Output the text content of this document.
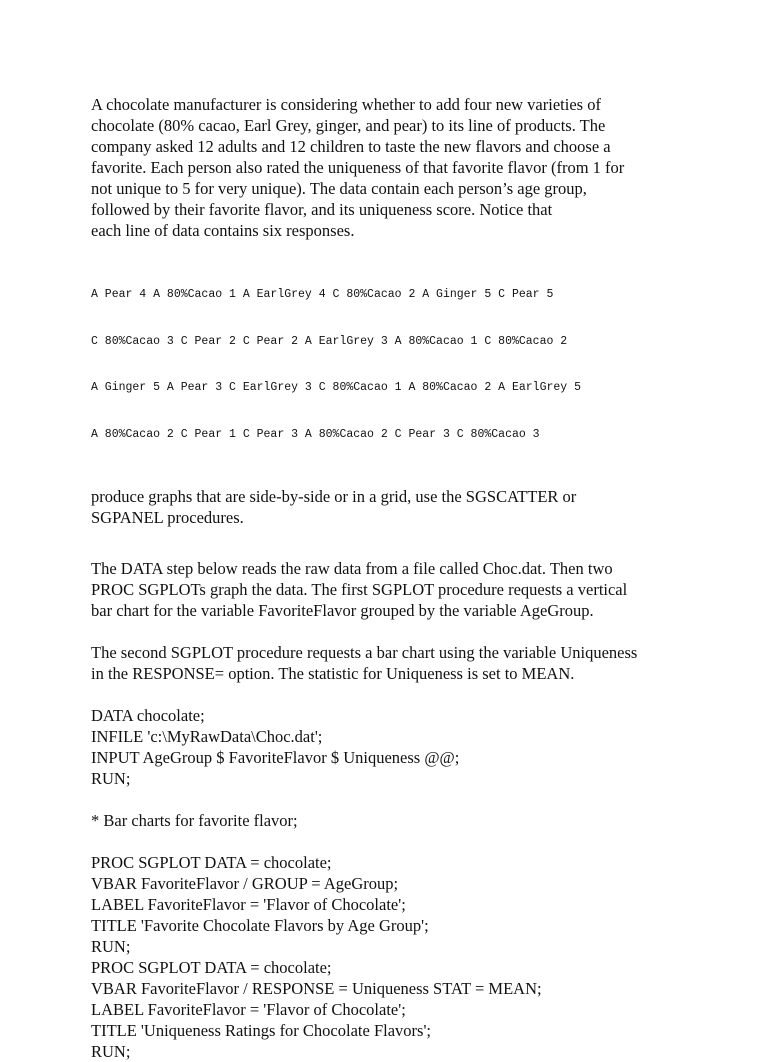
A chocolate manufacturer is considering whether to add four new varieties of
chocolate (80% cacao, Earl Grey, ginger, and pear) to its line of products. The
company asked 12 adults and 12 children to taste the new flavors and choose a
favorite. Each person also rated the uniqueness of that favorite flavor (from 1 for
not unique to 5 for very unique). The data contain each person’s age group,
followed by their favorite flavor, and its uniqueness score. Notice that
each line of data contains six responses.

A Pear 4 A 80%Cacao 1 A EarlGrey 4 C 80%Cacao 2 A Ginger 5 C Pear 5

C 80%Cacao 3 C Pear 2 C Pear 2 A EarlGrey 3 A 80%Cacao 1 C 80%Cacao 2

A Ginger 5 A Pear 3 C EarlGrey 3 C 80%Cacao 1 A 80%Cacao 2 A EarlGrey 5

A 80%Cacao 2 C Pear 1 C Pear 3 A 80%Cacao 2 C Pear 3 C 80%Cacao 3

produce graphs that are side-by-side or in a grid, use the SGSCATTER or
SGPANEL procedures.

The DATA step below reads the raw data from a file called Choc.dat. Then two
PROC SGPLOTs graph the data. The first SGPLOT procedure requests a vertical
bar chart for the variable FavoriteFlavor grouped by the variable AgeGroup.

The second SGPLOT procedure requests a bar chart using the variable Uniqueness
in the RESPONSE= option. The statistic for Uniqueness is set to MEAN.

DATA chocolate;
INFILE 'c:\MyRawData\Choc.dat';
INPUT AgeGroup $ FavoriteFlavor $ Uniqueness @@;
RUN;
* Bar charts for favorite flavor;
PROC SGPLOT DATA = chocolate;
VBAR FavoriteFlavor / GROUP = AgeGroup;
LABEL FavoriteFlavor = 'Flavor of Chocolate';
TITLE 'Favorite Chocolate Flavors by Age Group';
RUN;
PROC SGPLOT DATA = chocolate;
VBAR FavoriteFlavor / RESPONSE = Uniqueness STAT = MEAN;
LABEL FavoriteFlavor = 'Flavor of Chocolate';
TITLE 'Uniqueness Ratings for Chocolate Flavors';
RUN;
